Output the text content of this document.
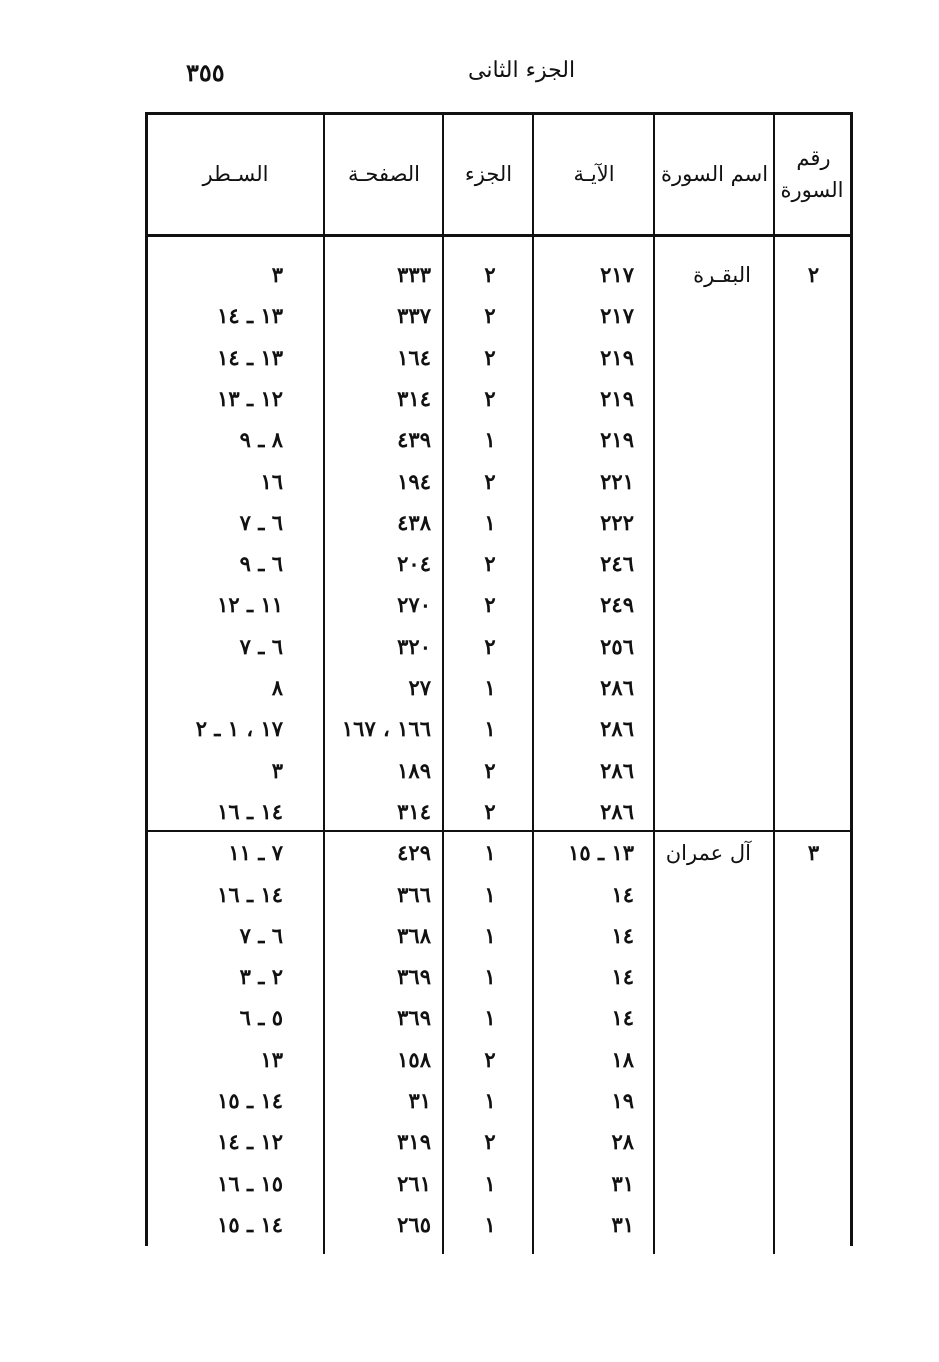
٣٥٥	الجزء الثانى
رقم السورة
اسم السورة
الآيـة
الجزء
الصفحـة
السـطر
٢
البقـرة
٢١٧
٢
٣٣٣
٣
٢١٧
٢
٣٣٧
١٣ ـ ١٤
٢١٩
٢
١٦٤
١٣ ـ ١٤
٢١٩
٢
٣١٤
١٢ ـ ١٣
٢١٩
١
٤٣٩
٨ ـ ٩
٢٢١
٢
١٩٤
١٦
٢٢٢
١
٤٣٨
٦ ـ ٧
٢٤٦
٢
٢٠٤
٦ ـ ٩
٢٤٩
٢
٢٧٠
١١ ـ ١٢
٢٥٦
٢
٣٢٠
٦ ـ ٧
٢٨٦
١
٢٧
٨
٢٨٦
١
١٦٦ ، ١٦٧
١٧ ، ١ ـ ٢
٢٨٦
٢
١٨٩
٣
٢٨٦
٢
٣١٤
١٤ ـ ١٦
٣
آل عمران
١٣ ـ ١٥
١
٤٢٩
٧ ـ ١١
١٤
١
٣٦٦
١٤ ـ ١٦
١٤
١
٣٦٨
٦ ـ ٧
١٤
١
٣٦٩
٢ ـ ٣
١٤
١
٣٦٩
٥ ـ ٦
١٨
٢
١٥٨
١٣
١٩
١
٣١
١٤ ـ ١٥
٢٨
٢
٣١٩
١٢ ـ ١٤
٣١
١
٢٦١
١٥ ـ ١٦
٣١
١
٢٦٥
١٤ ـ ١٥
